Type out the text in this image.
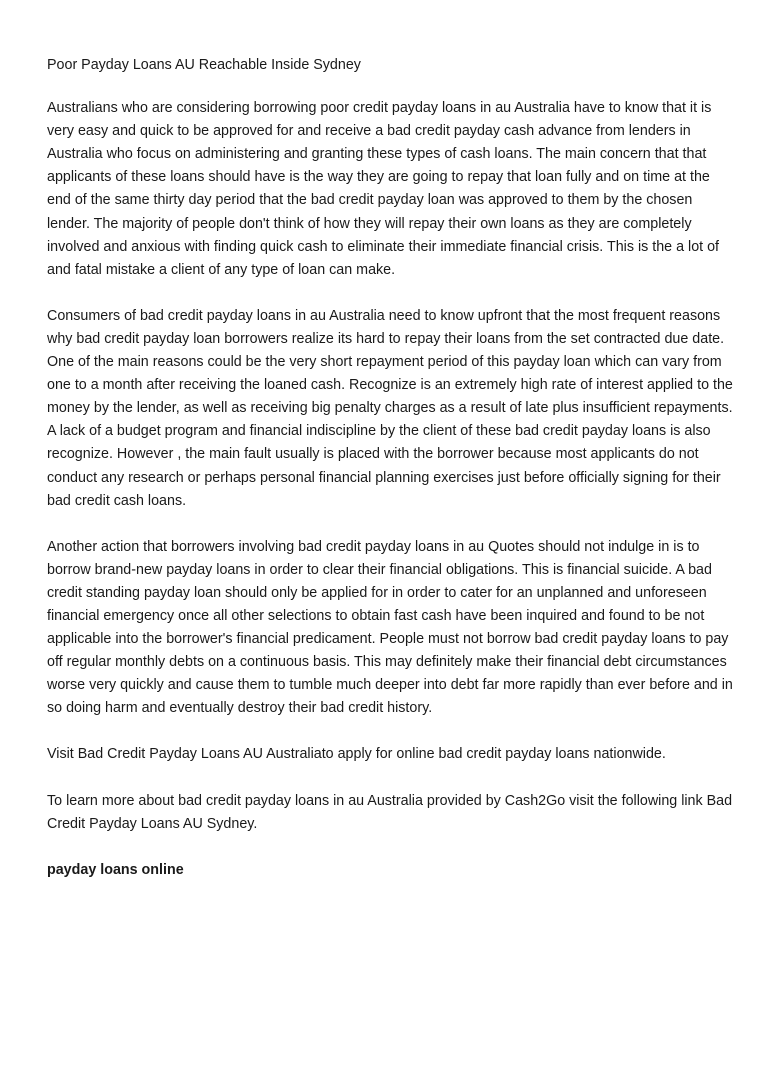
Poor Payday Loans AU Reachable Inside Sydney

Australians who are considering borrowing poor credit payday loans in au Australia have to know that it is very easy and quick to be approved for and receive a bad credit payday cash advance from lenders in Australia who focus on administering and granting these types of cash loans. The main concern that that applicants of these loans should have is the way they are going to repay that loan fully and on time at the end of the same thirty day period that the bad credit payday loan was approved to them by the chosen lender. The majority of people don't think of how they will repay their own loans as they are completely involved and anxious with finding quick cash to eliminate their immediate financial crisis. This is the a lot of and fatal mistake a client of any type of loan can make.

Consumers of bad credit payday loans in au Australia need to know upfront that the most frequent reasons why bad credit payday loan borrowers realize its hard to repay their loans from the set contracted due date. One of the main reasons could be the very short repayment period of this payday loan which can vary from one to a month after receiving the loaned cash. Recognize is an extremely high rate of interest applied to the money by the lender, as well as receiving big penalty charges as a result of late plus insufficient repayments. A lack of a budget program and financial indiscipline by the client of these bad credit payday loans is also recognize. However , the main fault usually is placed with the borrower because most applicants do not conduct any research or perhaps personal financial planning exercises just before officially signing for their bad credit cash loans.

Another action that borrowers involving bad credit payday loans in au Quotes should not indulge in is to borrow brand-new payday loans in order to clear their financial obligations. This is financial suicide. A bad credit standing payday loan should only be applied for in order to cater for an unplanned and unforeseen financial emergency once all other selections to obtain fast cash have been inquired and found to be not applicable into the borrower's financial predicament. People must not borrow bad credit payday loans to pay off regular monthly debts on a continuous basis. This may definitely make their financial debt circumstances worse very quickly and cause them to tumble much deeper into debt far more rapidly than ever before and in so doing harm and eventually destroy their bad credit history.

Visit Bad Credit Payday Loans AU Australiato apply for online bad credit payday loans nationwide.

To learn more about bad credit payday loans in au Australia provided by Cash2Go visit the following link Bad Credit Payday Loans AU Sydney.

payday loans online
